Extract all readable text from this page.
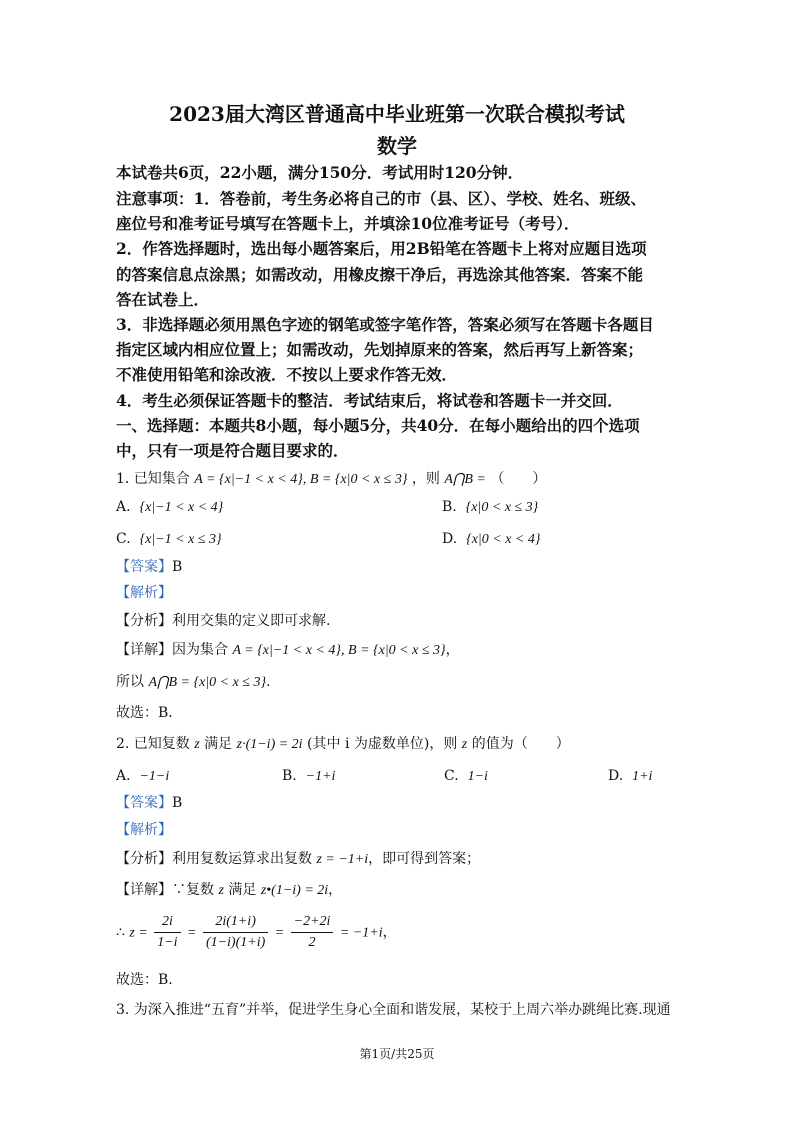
2023届大湾区普通高中毕业班第一次联合模拟考试
数学
本试卷共6页，22小题，满分150分．考试用时120分钟．
注意事项：1．答卷前，考生务必将自己的市（县、区）、学校、姓名、班级、
座位号和准考证号填写在答题卡上，并填涂10位准考证号（考号）．
2．作答选择题时，选出每小题答案后，用2B铅笔在答题卡上将对应题目选项
的答案信息点涂黑；如需改动，用橡皮擦干净后，再选涂其他答案．答案不能
答在试卷上．
3．非选择题必须用黑色字迹的钢笔或签字笔作答，答案必须写在答题卡各题目
指定区域内相应位置上；如需改动，先划掉原来的答案，然后再写上新答案；
不准使用铅笔和涂改液．不按以上要求作答无效．
4．考生必须保证答题卡的整洁．考试结束后，将试卷和答题卡一并交回．
一、选择题：本题共8小题，每小题5分，共40分．在每小题给出的四个选项
中，只有一项是符合题目要求的．
1. 已知集合 A = {x|−1 < x < 4}, B = {x|0 < x ≤ 3} ，则 A⋂B = （　　）
A. {x|−1 < x < 4}	B. {x|0 < x ≤ 3}
C. {x|−1 < x ≤ 3}	D. {x|0 < x < 4}
【答案】B
【解析】
【分析】利用交集的定义即可求解.
【详解】因为集合 A = {x|−1 < x < 4}, B = {x|0 < x ≤ 3}，
所以 A⋂B = {x|0 < x ≤ 3}.
故选：B．
2. 已知复数 z 满足 z·(1−i) = 2i (其中 i 为虚数单位)，则 z 的值为（　　）
A. −1−i	B. −1+i	C. 1−i	D. 1+i
【答案】B
【解析】
【分析】利用复数运算求出复数 z = −1+i，即可得到答案；
【详解】∵复数 z 满足 z•(1−i) = 2i，
∴ $z = \frac{2i}{1-i} = \frac{2i(1+i)}{(1-i)(1+i)} = \frac{-2+2i}{2} = -1+i$，
故选：B.
3. 为深入推进“五育”并举，促进学生身心全面和谐发展，某校于上周六举办跳绳比赛.现通
第1页/共25页
